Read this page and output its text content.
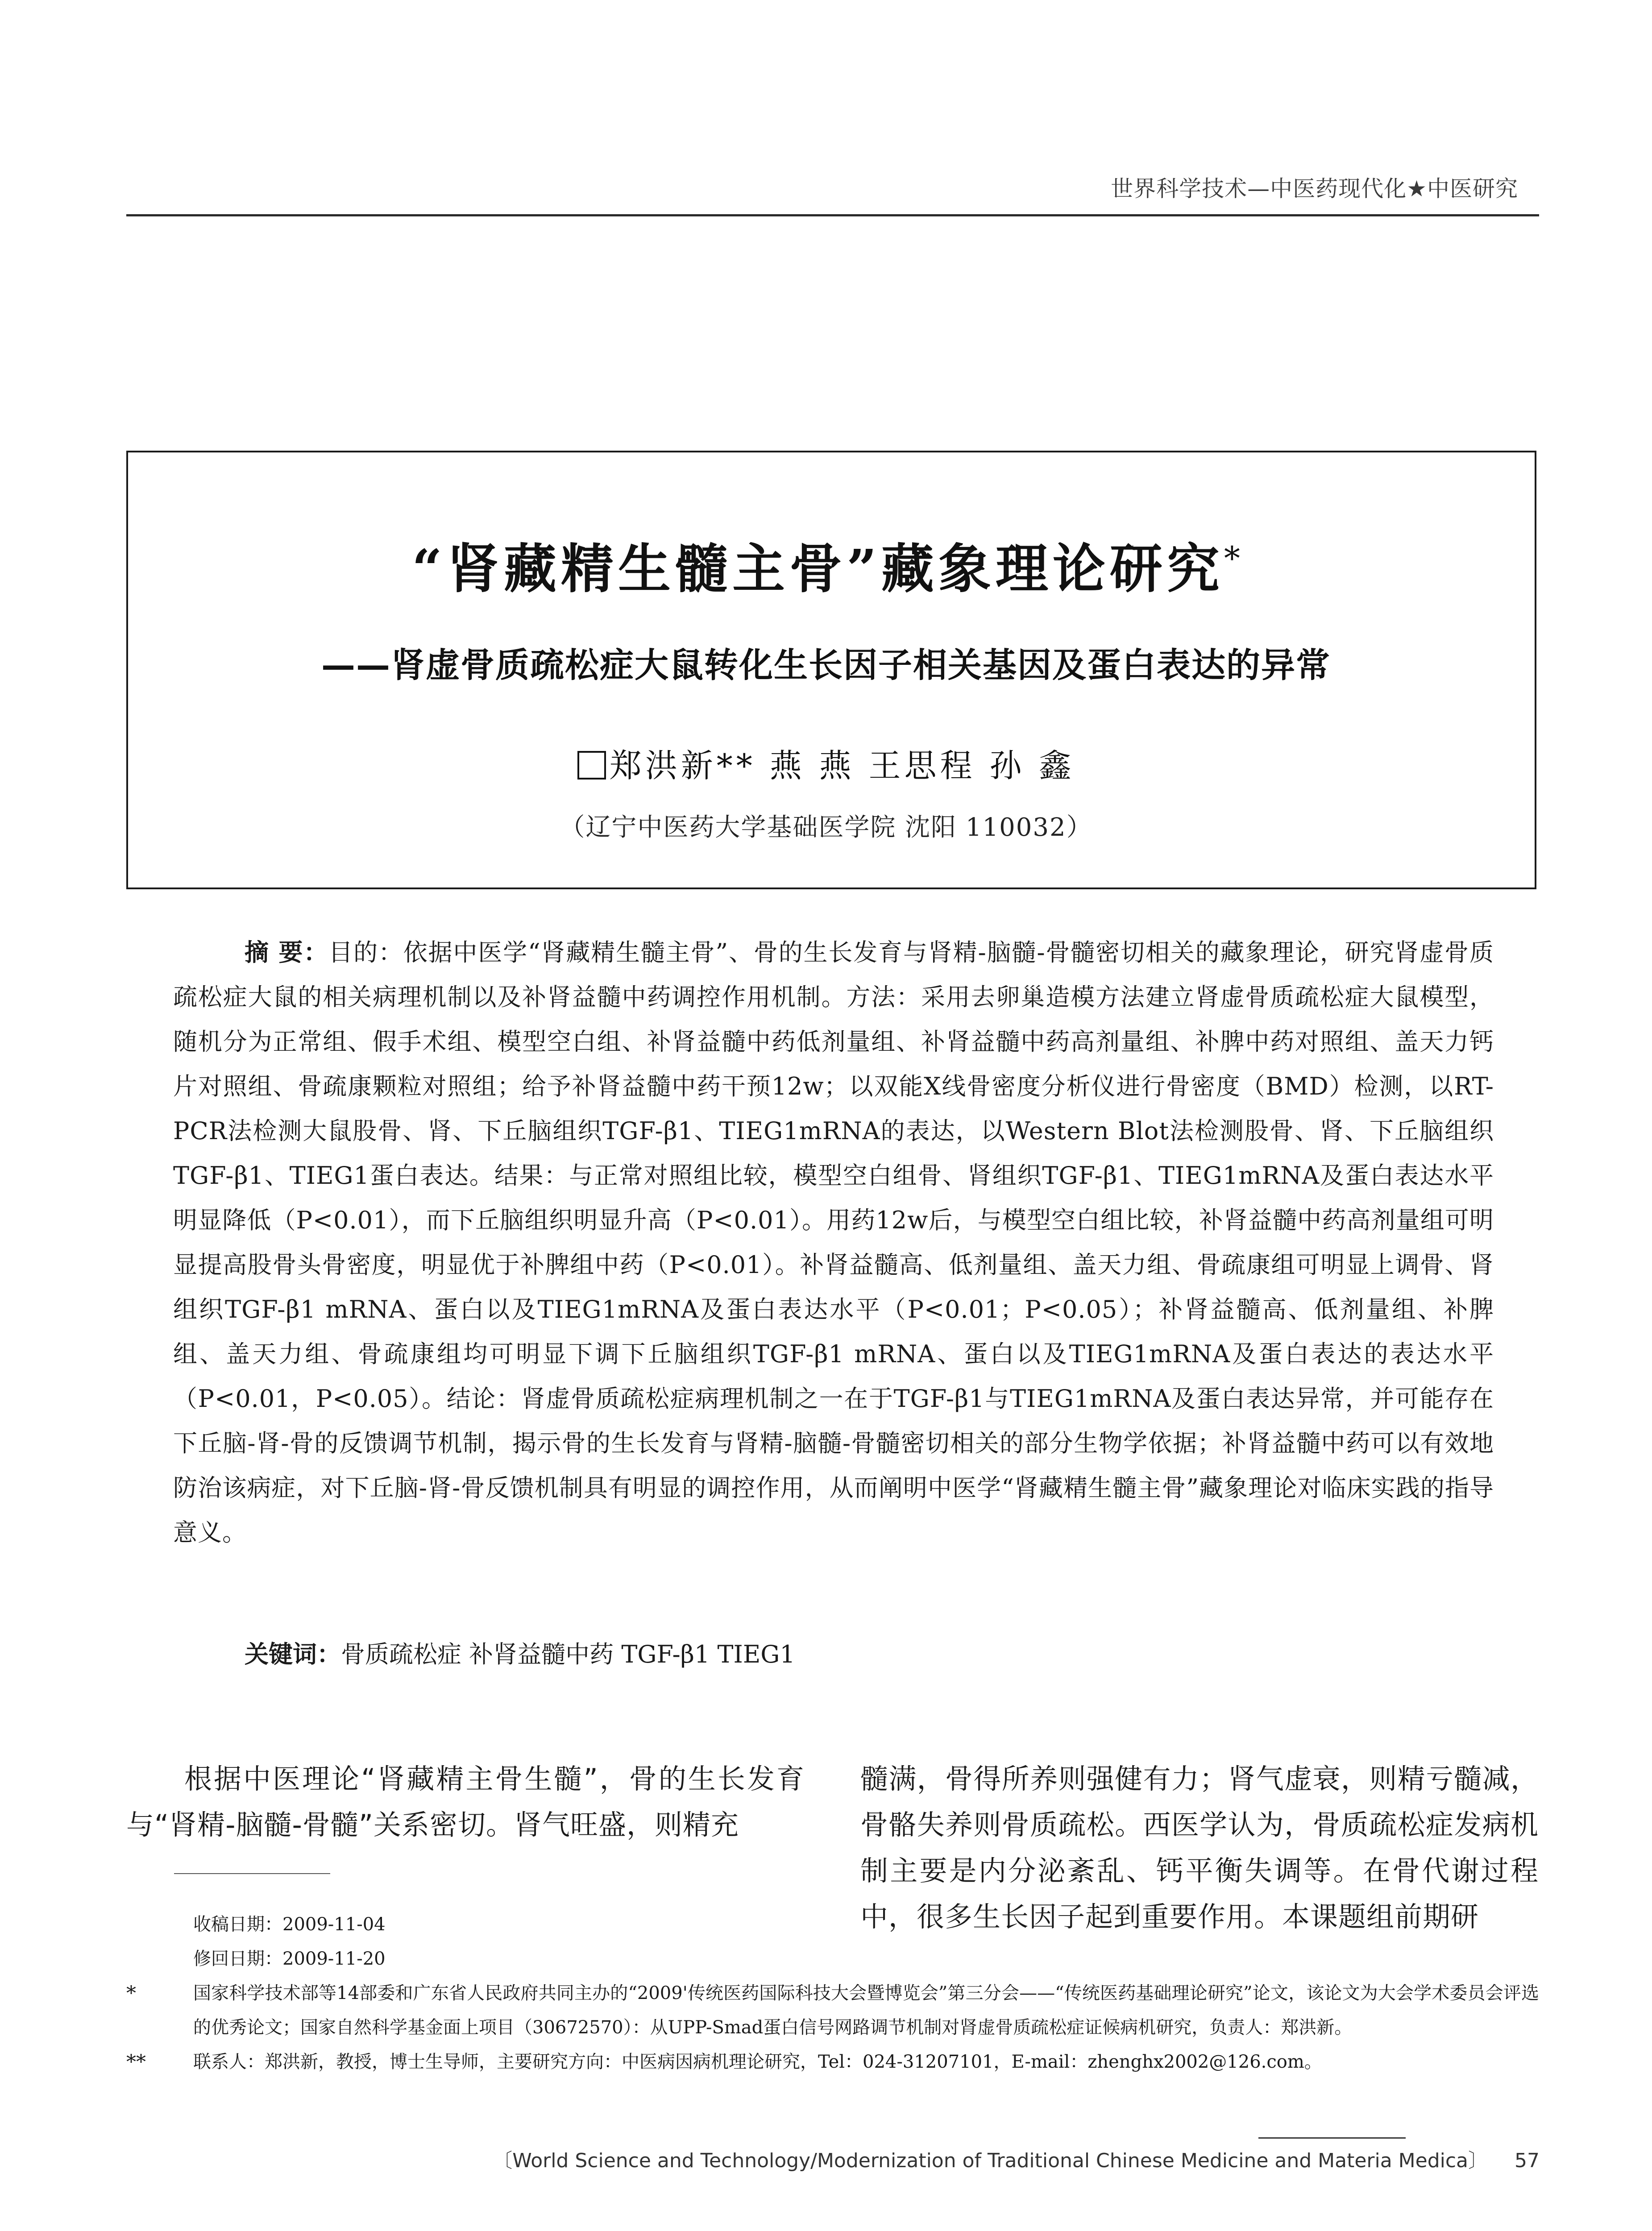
世界科学技术—中医药现代化★中医研究
“肾藏精生髓主骨”藏象理论研究*
——肾虚骨质疏松症大鼠转化生长因子相关基因及蛋白表达的异常
郑洪新** 燕 燕 王思程 孙 鑫
（辽宁中医药大学基础医学院 沈阳 110032）
摘 要：目的：依据中医学“肾藏精生髓主骨”、骨的生长发育与肾精-脑髓-骨髓密切相关的藏象理论，研究肾虚骨质疏松症大鼠的相关病理机制以及补肾益髓中药调控作用机制。方法：采用去卵巢造模方法建立肾虚骨质疏松症大鼠模型，随机分为正常组、假手术组、模型空白组、补肾益髓中药低剂量组、补肾益髓中药高剂量组、补脾中药对照组、盖天力钙片对照组、骨疏康颗粒对照组；给予补肾益髓中药干预12w；以双能X线骨密度分析仪进行骨密度（BMD）检测，以RT-PCR法检测大鼠股骨、肾、下丘脑组织TGF-β1、TIEG1mRNA的表达，以Western Blot法检测股骨、肾、下丘脑组织TGF-β1、TIEG1蛋白表达。结果：与正常对照组比较，模型空白组骨、肾组织TGF-β1、TIEG1mRNA及蛋白表达水平明显降低（P<0.01），而下丘脑组织明显升高（P<0.01）。用药12w后，与模型空白组比较，补肾益髓中药高剂量组可明显提高股骨头骨密度，明显优于补脾组中药（P<0.01）。补肾益髓高、低剂量组、盖天力组、骨疏康组可明显上调骨、肾组织TGF-β1 mRNA、蛋白以及TIEG1mRNA及蛋白表达水平（P<0.01；P<0.05）；补肾益髓高、低剂量组、补脾组、盖天力组、骨疏康组均可明显下调下丘脑组织TGF-β1 mRNA、蛋白以及TIEG1mRNA及蛋白表达的表达水平（P<0.01，P<0.05）。结论：肾虚骨质疏松症病理机制之一在于TGF-β1与TIEG1mRNA及蛋白表达异常，并可能存在下丘脑-肾-骨的反馈调节机制，揭示骨的生长发育与肾精-脑髓-骨髓密切相关的部分生物学依据；补肾益髓中药可以有效地防治该病症，对下丘脑-肾-骨反馈机制具有明显的调控作用，从而阐明中医学“肾藏精生髓主骨”藏象理论对临床实践的指导意义。
关键词：骨质疏松症 补肾益髓中药 TGF-β1 TIEG1
根据中医理论“肾藏精主骨生髓”，骨的生长发育与“肾精-脑髓-骨髓”关系密切。肾气旺盛，则精充
髓满，骨得所养则强健有力；肾气虚衰，则精亏髓减，骨骼失养则骨质疏松。西医学认为，骨质疏松症发病机制主要是内分泌紊乱、钙平衡失调等。在骨代谢过程中，很多生长因子起到重要作用。本课题组前期研
收稿日期：2009-11-04
修回日期：2009-11-20
*	国家科学技术部等14部委和广东省人民政府共同主办的“2009'传统医药国际科技大会暨博览会”第三分会——“传统医药基础理论研究”论文，该论文为大会学术委员会评选的优秀论文；国家自然科学基金面上项目（30672570）：从UPP-Smad蛋白信号网路调节机制对肾虚骨质疏松症证候病机研究，负责人：郑洪新。
**	联系人：郑洪新，教授，博士生导师，主要研究方向：中医病因病机理论研究，Tel：024-31207101，E-mail：zhenghx2002@126.com。
〔World Science and Technology/Modernization of Traditional Chinese Medicine and Materia Medica〕 57
